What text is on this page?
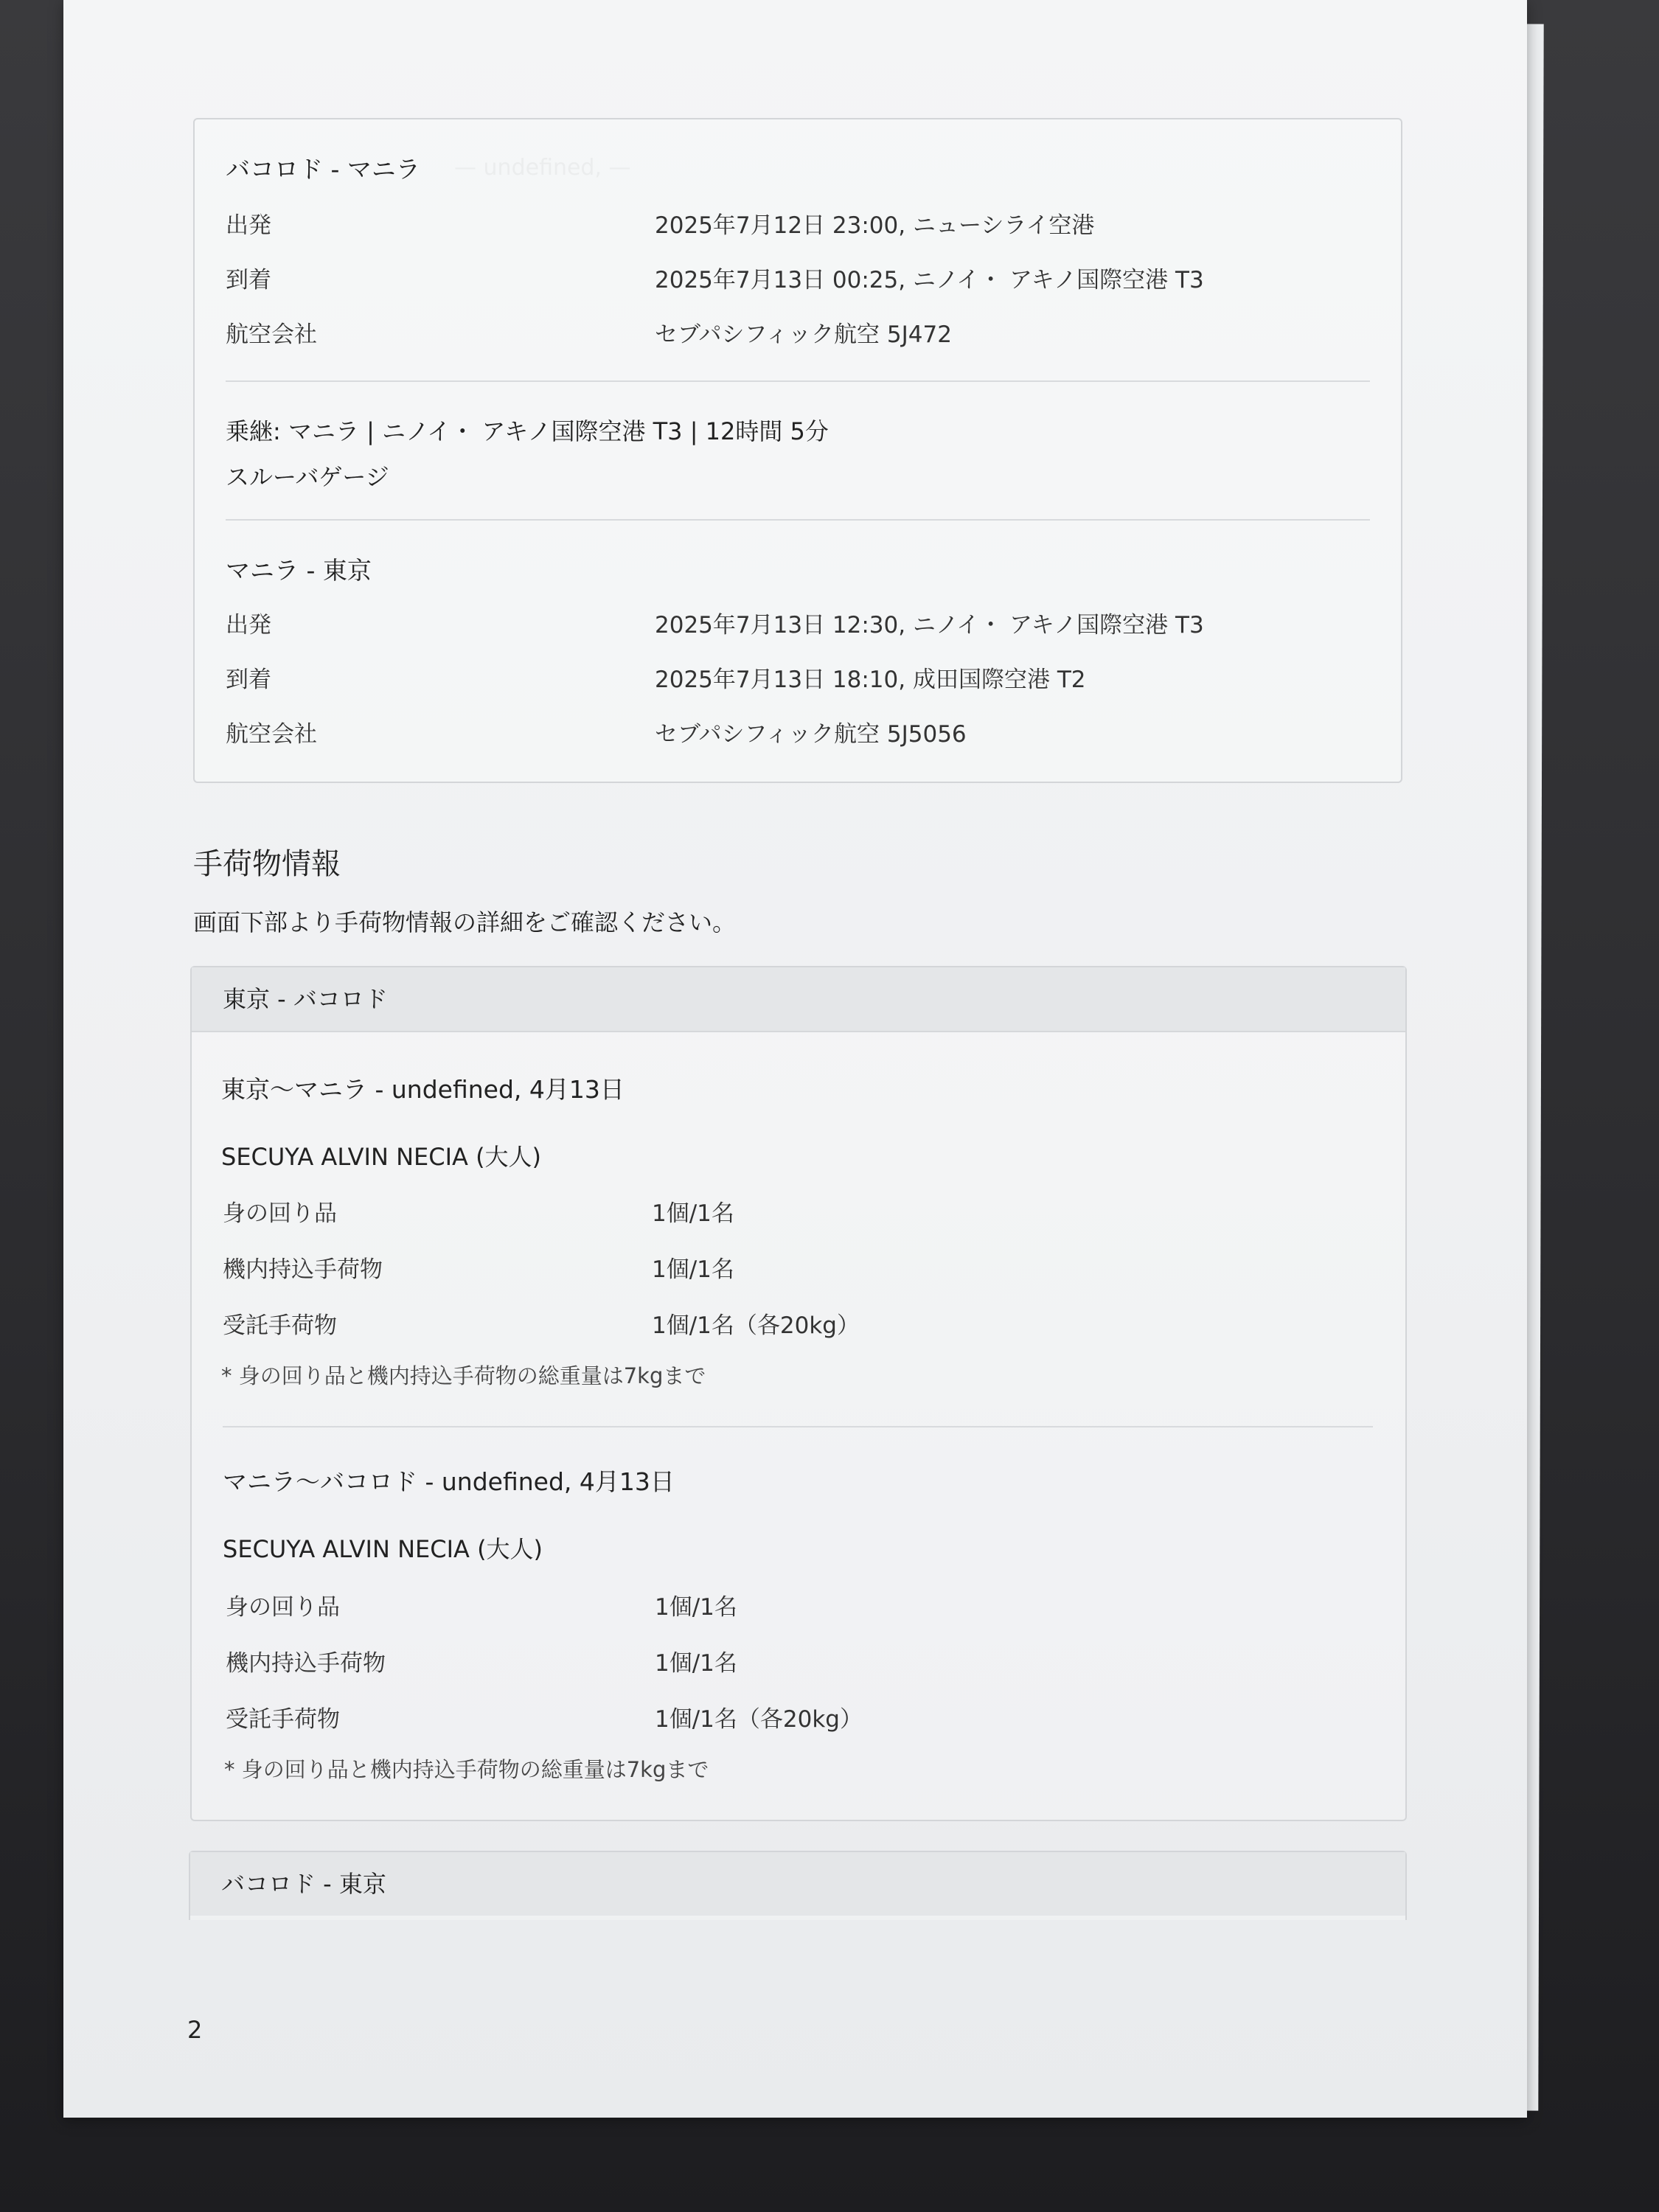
バコロド - マニラ
出発	2025年7月12日 23:00, ニューシライ空港
到着	2025年7月13日 00:25, ニノイ・ アキノ国際空港 T3
航空会社	セブパシフィック航空 5J472
乗継: マニラ | ニノイ・ アキノ国際空港 T3 | 12時間 5分
スルーバゲージ
マニラ - 東京
出発	2025年7月13日 12:30, ニノイ・ アキノ国際空港 T3
到着	2025年7月13日 18:10, 成田国際空港 T2
航空会社	セブパシフィック航空 5J5056
手荷物情報
画面下部より手荷物情報の詳細をご確認ください。
東京 - バコロド
東京～マニラ - undefined, 4月13日
SECUYA ALVIN NECIA (大人)
身の回り品	1個/1名
機内持込手荷物	1個/1名
受託手荷物	1個/1名（各20kg）
* 身の回り品と機内持込手荷物の総重量は7kgまで
マニラ～バコロド - undefined, 4月13日
SECUYA ALVIN NECIA (大人)
身の回り品	1個/1名
機内持込手荷物	1個/1名
受託手荷物	1個/1名（各20kg）
* 身の回り品と機内持込手荷物の総重量は7kgまで
バコロド - 東京
2
